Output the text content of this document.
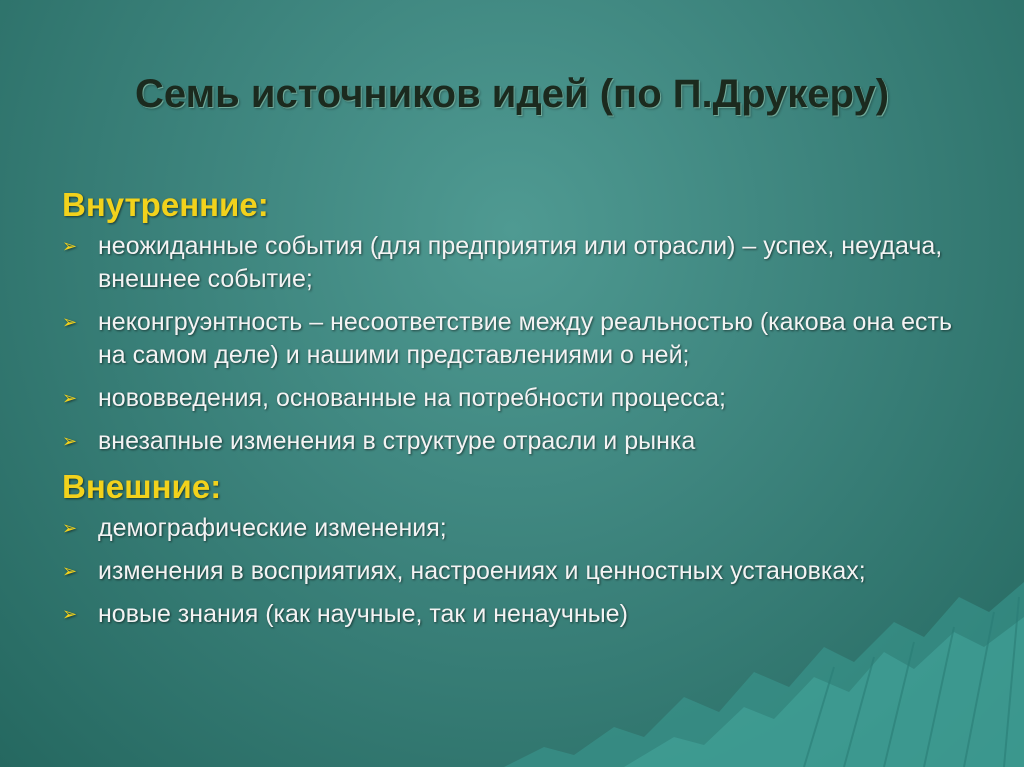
Семь источников идей (по П.Друкеру)
Внутренние:
➢ неожиданные события (для предприятия или отрасли) – успех, неудача, внешнее событие;
➢ неконгруэнтность – несоответствие между реальностью (какова она есть на самом деле) и нашими представлениями о ней;
➢ нововведения, основанные на потребности процесса;
➢ внезапные изменения в структуре отрасли и рынка
Внешние:
➢ демографические изменения;
➢ изменения в восприятиях, настроениях и ценностных установках;
➢ новые знания (как научные, так и ненаучные)
